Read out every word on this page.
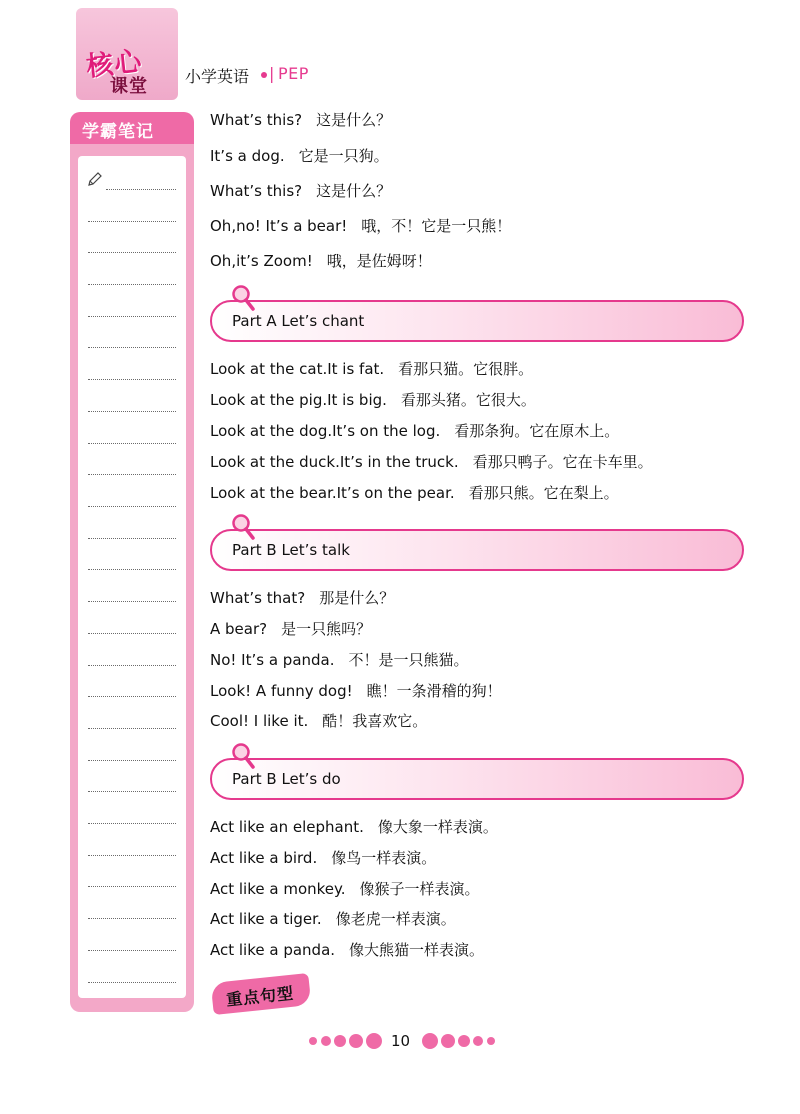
核心
课堂 小学英语 | PEP
学霸笔记
What’s this? 这是什么？
It’s a dog. 它是一只狗。
What’s this? 这是什么？
Oh,no! It’s a bear! 哦，不！它是一只熊！
Oh,it’s Zoom! 哦，是佐姆呀！
Part A Let’s chant
Look at the cat.It is fat. 看那只猫。它很胖。
Look at the pig.It is big. 看那头猪。它很大。
Look at the dog.It’s on the log. 看那条狗。它在原木上。
Look at the duck.It’s in the truck. 看那只鸭子。它在卡车里。
Look at the bear.It’s on the pear. 看那只熊。它在梨上。
Part B Let’s talk
What’s that? 那是什么？
A bear? 是一只熊吗？
No! It’s a panda. 不！是一只熊猫。
Look! A funny dog! 瞧！一条滑稽的狗！
Cool! I like it. 酷！我喜欢它。
Part B Let’s do
Act like an elephant. 像大象一样表演。
Act like a bird. 像鸟一样表演。
Act like a monkey. 像猴子一样表演。
Act like a tiger. 像老虎一样表演。
Act like a panda. 像大熊猫一样表演。
重点句型
10
